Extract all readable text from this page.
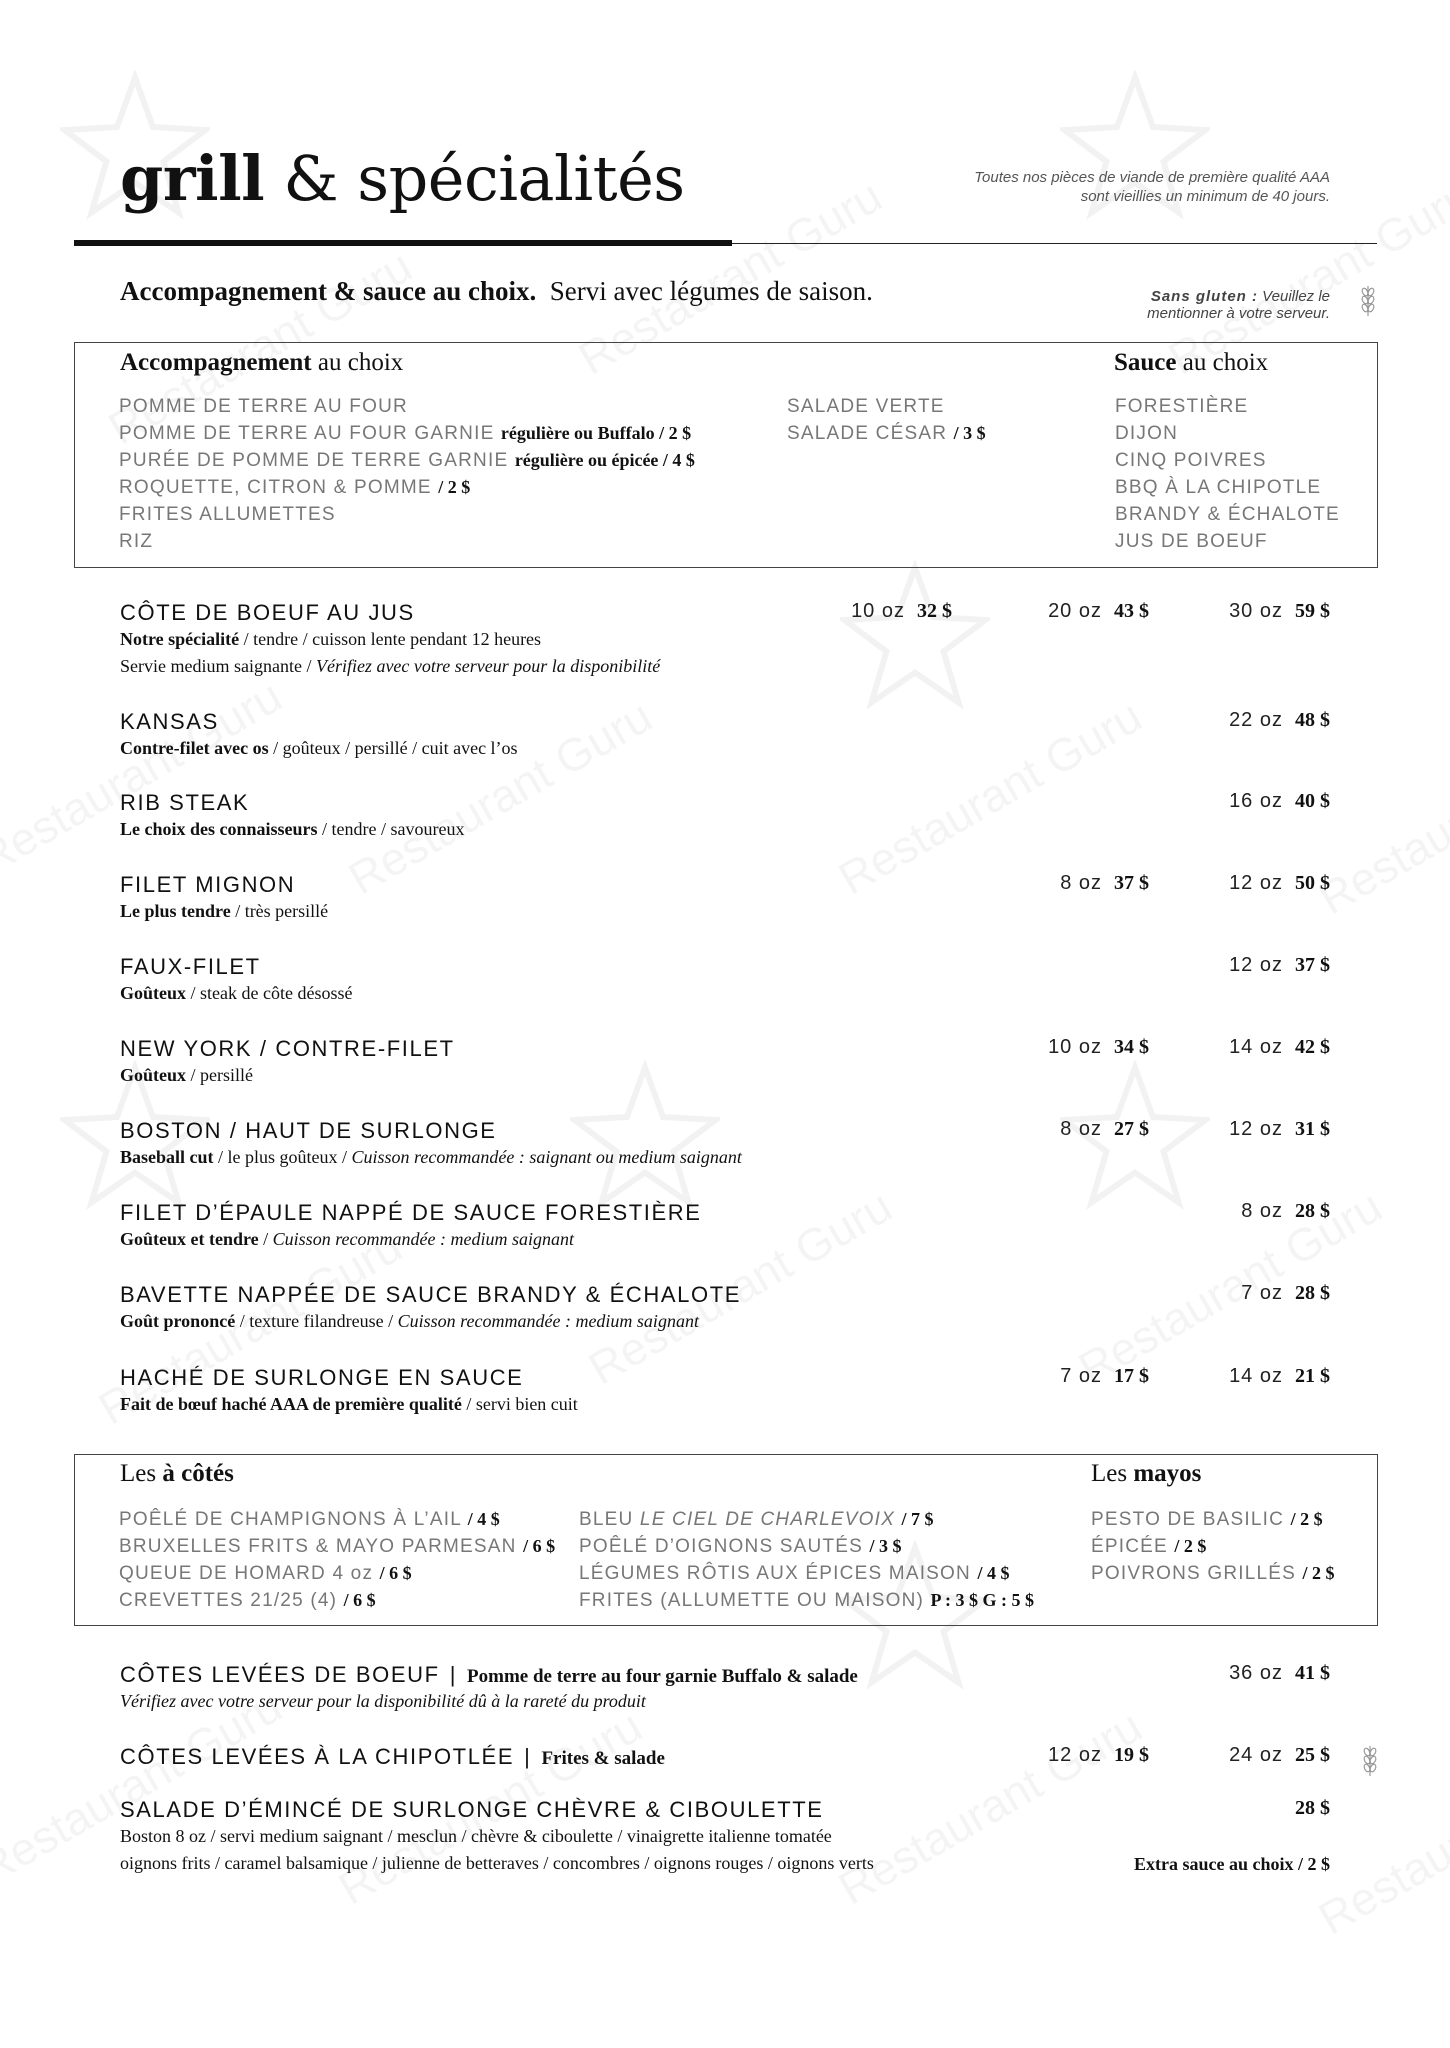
grill & spécialités	Toutes nos pièces de viande de première qualité AAA
sont vieillies un minimum de 40 jours.
Accompagnement & sauce au choix.  Servi avec légumes de saison.	Sans gluten : Veuillez le
mentionner à votre serveur.
Accompagnement au choix
POMME DE TERRE AU FOUR
POMME DE TERRE AU FOUR GARNIE régulière ou Buffalo / 2 $
PURÉE DE POMME DE TERRE GARNIE régulière ou épicée / 4 $
ROQUETTE, CITRON & POMME / 2 $
FRITES ALLUMETTES
RIZ
SALADE VERTE
SALADE CÉSAR / 3 $
Sauce au choix
FORESTIÈRE
DIJON
CINQ POIVRES
BBQ À LA CHIPOTLE
BRANDY & ÉCHALOTE
JUS DE BOEUF
CÔTE DE BOEUF AU JUS
Notre spécialité / tendre / cuisson lente pendant 12 heures
Servie medium saignante / Vérifiez avec votre serveur pour la disponibilité
10 oz 32 $	20 oz 43 $	30 oz 59 $
KANSAS
Contre-filet avec os / goûteux / persillé / cuit avec l’os
22 oz 48 $
RIB STEAK
Le choix des connaisseurs / tendre / savoureux
16 oz 40 $
FILET MIGNON
Le plus tendre / très persillé
8 oz 37 $	12 oz 50 $
FAUX-FILET
Goûteux / steak de côte désossé
12 oz 37 $
NEW YORK / CONTRE-FILET
Goûteux / persillé
10 oz 34 $	14 oz 42 $
BOSTON / HAUT DE SURLONGE
Baseball cut / le plus goûteux / Cuisson recommandée : saignant ou medium saignant
8 oz 27 $	12 oz 31 $
FILET D’ÉPAULE NAPPÉ DE SAUCE FORESTIÈRE
Goûteux et tendre / Cuisson recommandée : medium saignant
8 oz 28 $
BAVETTE NAPPÉE DE SAUCE BRANDY & ÉCHALOTE
Goût prononcé / texture filandreuse / Cuisson recommandée : medium saignant
7 oz 28 $
HACHÉ DE SURLONGE EN SAUCE
Fait de bœuf haché AAA de première qualité / servi bien cuit
7 oz 17 $	14 oz 21 $
Les à côtés
POÊLÉ DE CHAMPIGNONS À L’AIL / 4 $
BRUXELLES FRITS & MAYO PARMESAN / 6 $
QUEUE DE HOMARD 4 oz / 6 $
CREVETTES 21/25 (4) / 6 $
BLEU LE CIEL DE CHARLEVOIX / 7 $
POÊLÉ D’OIGNONS SAUTÉS / 3 $
LÉGUMES RÔTIS AUX ÉPICES MAISON / 4 $
FRITES (ALLUMETTE OU MAISON) P : 3 $ G : 5 $
Les mayos
PESTO DE BASILIC / 2 $
ÉPICÉE / 2 $
POIVRONS GRILLÉS / 2 $
CÔTES LEVÉES DE BOEUF | Pomme de terre au four garnie Buffalo & salade
Vérifiez avec votre serveur pour la disponibilité dû à la rareté du produit
36 oz 41 $
CÔTES LEVÉES À LA CHIPOTLÉE | Frites & salade	12 oz 19 $	24 oz 25 $
SALADE D’ÉMINCÉ DE SURLONGE CHÈVRE & CIBOULETTE
Boston 8 oz / servi medium saignant / mesclun / chèvre & ciboulette / vinaigrette italienne tomatée
oignons frits / caramel balsamique / julienne de betteraves / concombres / oignons rouges / oignons verts	Extra sauce au choix / 2 $
28 $
